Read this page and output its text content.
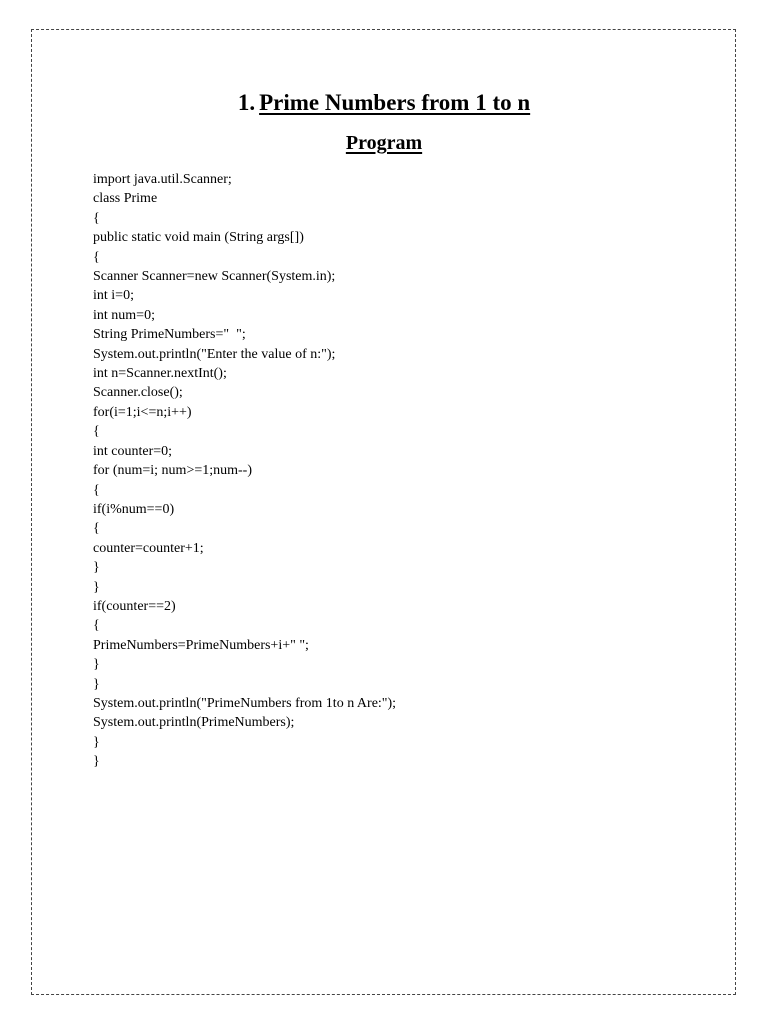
1. Prime Numbers from 1 to n
Program
import java.util.Scanner;
class Prime
{
public static void main (String args[])
{
Scanner Scanner=new Scanner(System.in);
int i=0;
int num=0;
String PrimeNumbers="  ";
System.out.println("Enter the value of n:");
int n=Scanner.nextInt();
Scanner.close();
for(i=1;i<=n;i++)
{
int counter=0;
for (num=i; num>=1;num--)
{
if(i%num==0)
{
counter=counter+1;
}
}
if(counter==2)
{
PrimeNumbers=PrimeNumbers+i+" ";
}
}
System.out.println("PrimeNumbers from 1to n Are:");
System.out.println(PrimeNumbers);
}
}
